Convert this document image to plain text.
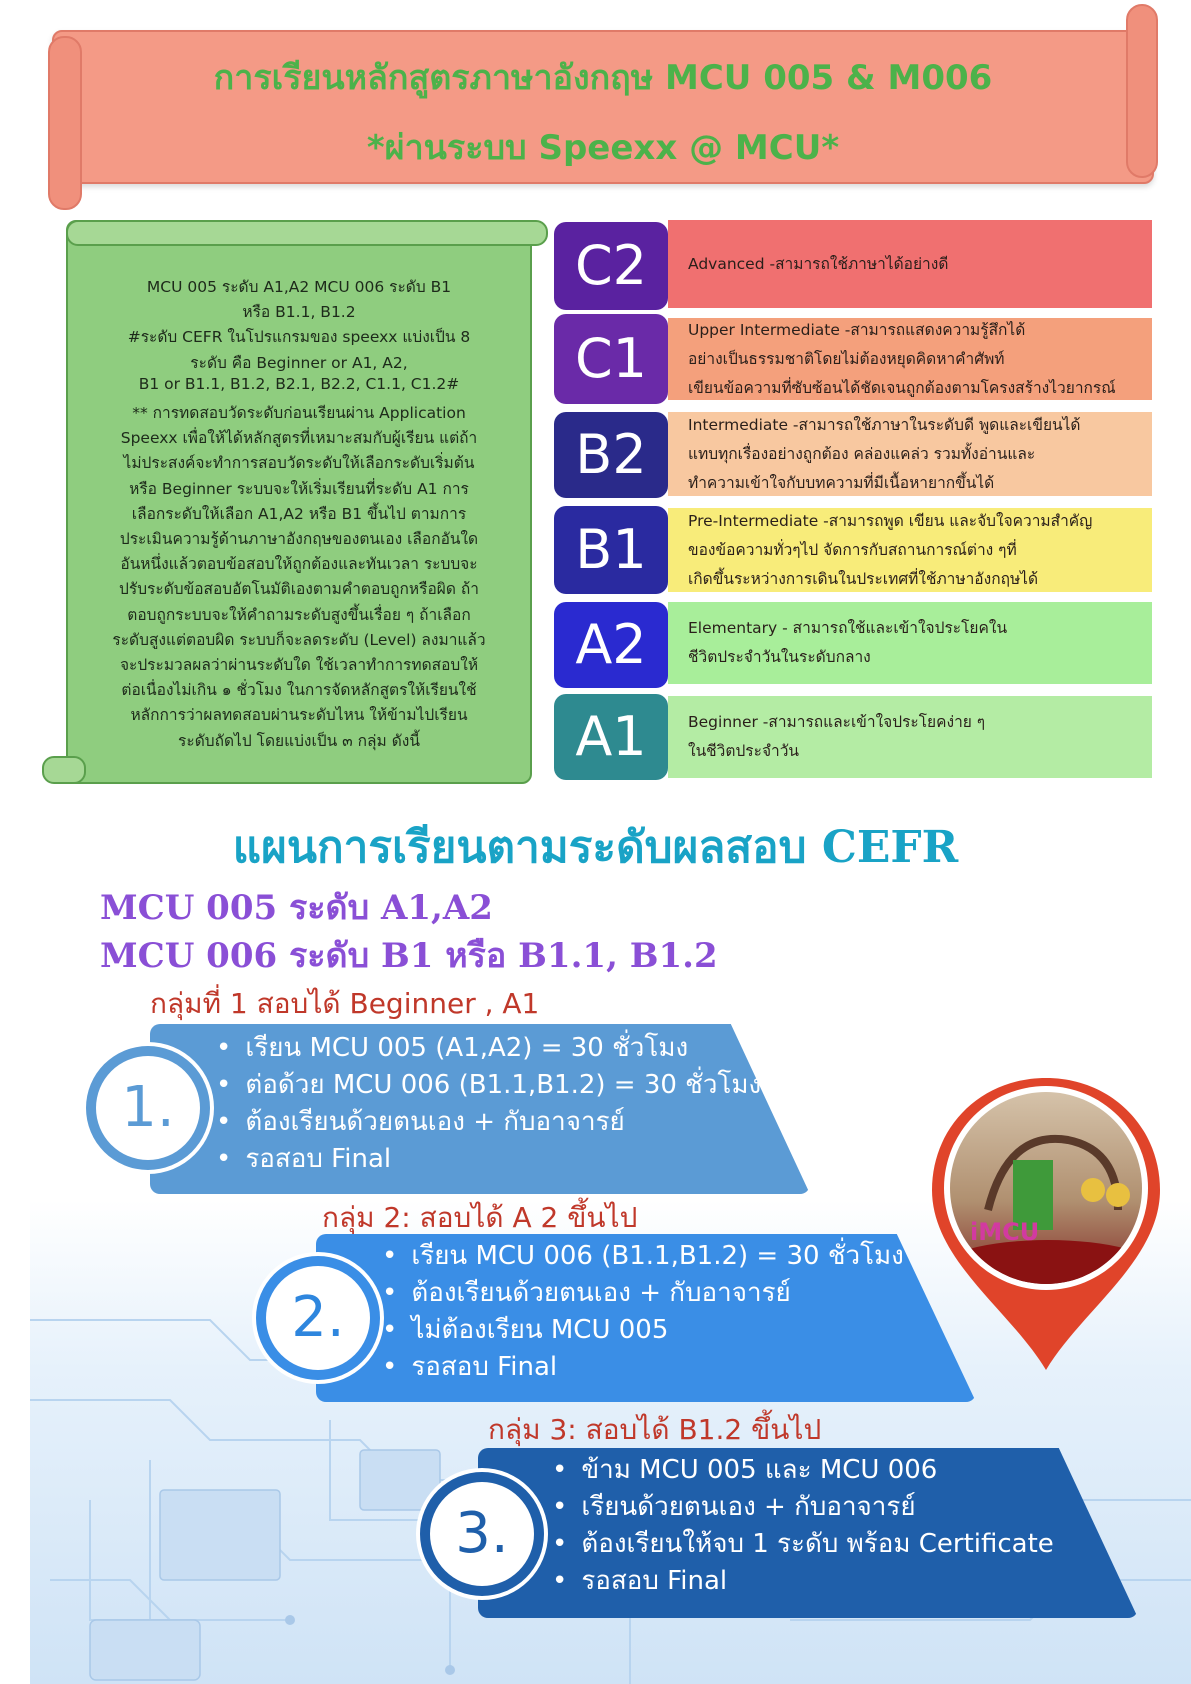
การเรียนหลักสูตรภาษาอังกฤษ MCU 005 & M006
*ผ่านระบบ Speexx @ MCU*
MCU 005 ระดับ A1,A2 MCU 006 ระดับ B1
หรือ B1.1, B1.2
#ระดับ CEFR ในโปรแกรมของ speexx แบ่งเป็น 8
ระดับ คือ Beginner or A1, A2,
B1 or B1.1, B1.2, B2.1, B2.2, C1.1, C1.2#
** การทดสอบวัดระดับก่อนเรียนผ่าน Application
Speexx เพื่อให้ได้หลักสูตรที่เหมาะสมกับผู้เรียน แต่ถ้า
ไม่ประสงค์จะทำการสอบวัดระดับให้เลือกระดับเริ่มต้น
หรือ Beginner ระบบจะให้เริ่มเรียนที่ระดับ A1 การ
เลือกระดับให้เลือก A1,A2 หรือ B1 ขึ้นไป ตามการ
ประเมินความรู้ด้านภาษาอังกฤษของตนเอง เลือกอันใด
อันหนึ่งแล้วตอบข้อสอบให้ถูกต้องและทันเวลา ระบบจะ
ปรับระดับข้อสอบอัตโนมัติเองตามคำตอบถูกหรือผิด ถ้า
ตอบถูกระบบจะให้คำถามระดับสูงขึ้นเรื่อย ๆ ถ้าเลือก
ระดับสูงแต่ตอบผิด ระบบก็จะลดระดับ (Level) ลงมาแล้ว
จะประมวลผลว่าผ่านระดับใด ใช้เวลาทำการทดสอบให้
ต่อเนื่องไม่เกิน ๑ ชั่วโมง ในการจัดหลักสูตรให้เรียนใช้
หลักการว่าผลทดสอบผ่านระดับไหน ให้ข้ามไปเรียน
ระดับถัดไป โดยแบ่งเป็น ๓ กลุ่ม ดังนี้
Advanced -สามารถใช้ภาษาได้อย่างดี
C2
Upper Intermediate -สามารถแสดงความรู้สึกได้
อย่างเป็นธรรมชาติโดยไม่ต้องหยุดคิดหาคำศัพท์
เขียนข้อความที่ซับซ้อนได้ชัดเจนถูกต้องตามโครงสร้างไวยากรณ์
C1
Intermediate -สามารถใช้ภาษาในระดับดี พูดและเขียนได้
แทบทุกเรื่องอย่างถูกต้อง คล่องแคล่ว รวมทั้งอ่านและ
ทำความเข้าใจกับบทความที่มีเนื้อหายากขึ้นได้
B2
Pre-Intermediate -สามารถพูด เขียน และจับใจความสำคัญ
ของข้อความทั่วๆไป จัดการกับสถานการณ์ต่าง ๆที่
เกิดขึ้นระหว่างการเดินในประเทศที่ใช้ภาษาอังกฤษได้
B1
Elementary - สามารถใช้และเข้าใจประโยคใน
ชีวิตประจำวันในระดับกลาง
A2
Beginner -สามารถและเข้าใจประโยคง่าย ๆ
ในชีวิตประจำวัน
A1
แผนการเรียนตามระดับผลสอบ CEFR
MCU 005 ระดับ A1,A2
MCU 006 ระดับ B1 หรือ B1.1, B1.2
กลุ่มที่ 1 สอบได้ Beginner , A1
• เรียน MCU 005 (A1,A2) = 30 ชั่วโมง
• ต่อด้วย MCU 006 (B1.1,B1.2) = 30 ชั่วโมง
• ต้องเรียนด้วยตนเอง + กับอาจารย์
• รอสอบ Final
1.
กลุ่ม 2: สอบได้ A 2 ขึ้นไป
• เรียน MCU 006 (B1.1,B1.2) = 30 ชั่วโมง
• ต้องเรียนด้วยตนเอง + กับอาจารย์
• ไม่ต้องเรียน MCU 005
• รอสอบ Final
2.
กลุ่ม 3: สอบได้ B1.2 ขึ้นไป
• ข้าม MCU 005 และ MCU 006
• เรียนด้วยตนเอง + กับอาจารย์
• ต้องเรียนให้จบ 1 ระดับ พร้อม Certificate
• รอสอบ Final
3.
iMCU
